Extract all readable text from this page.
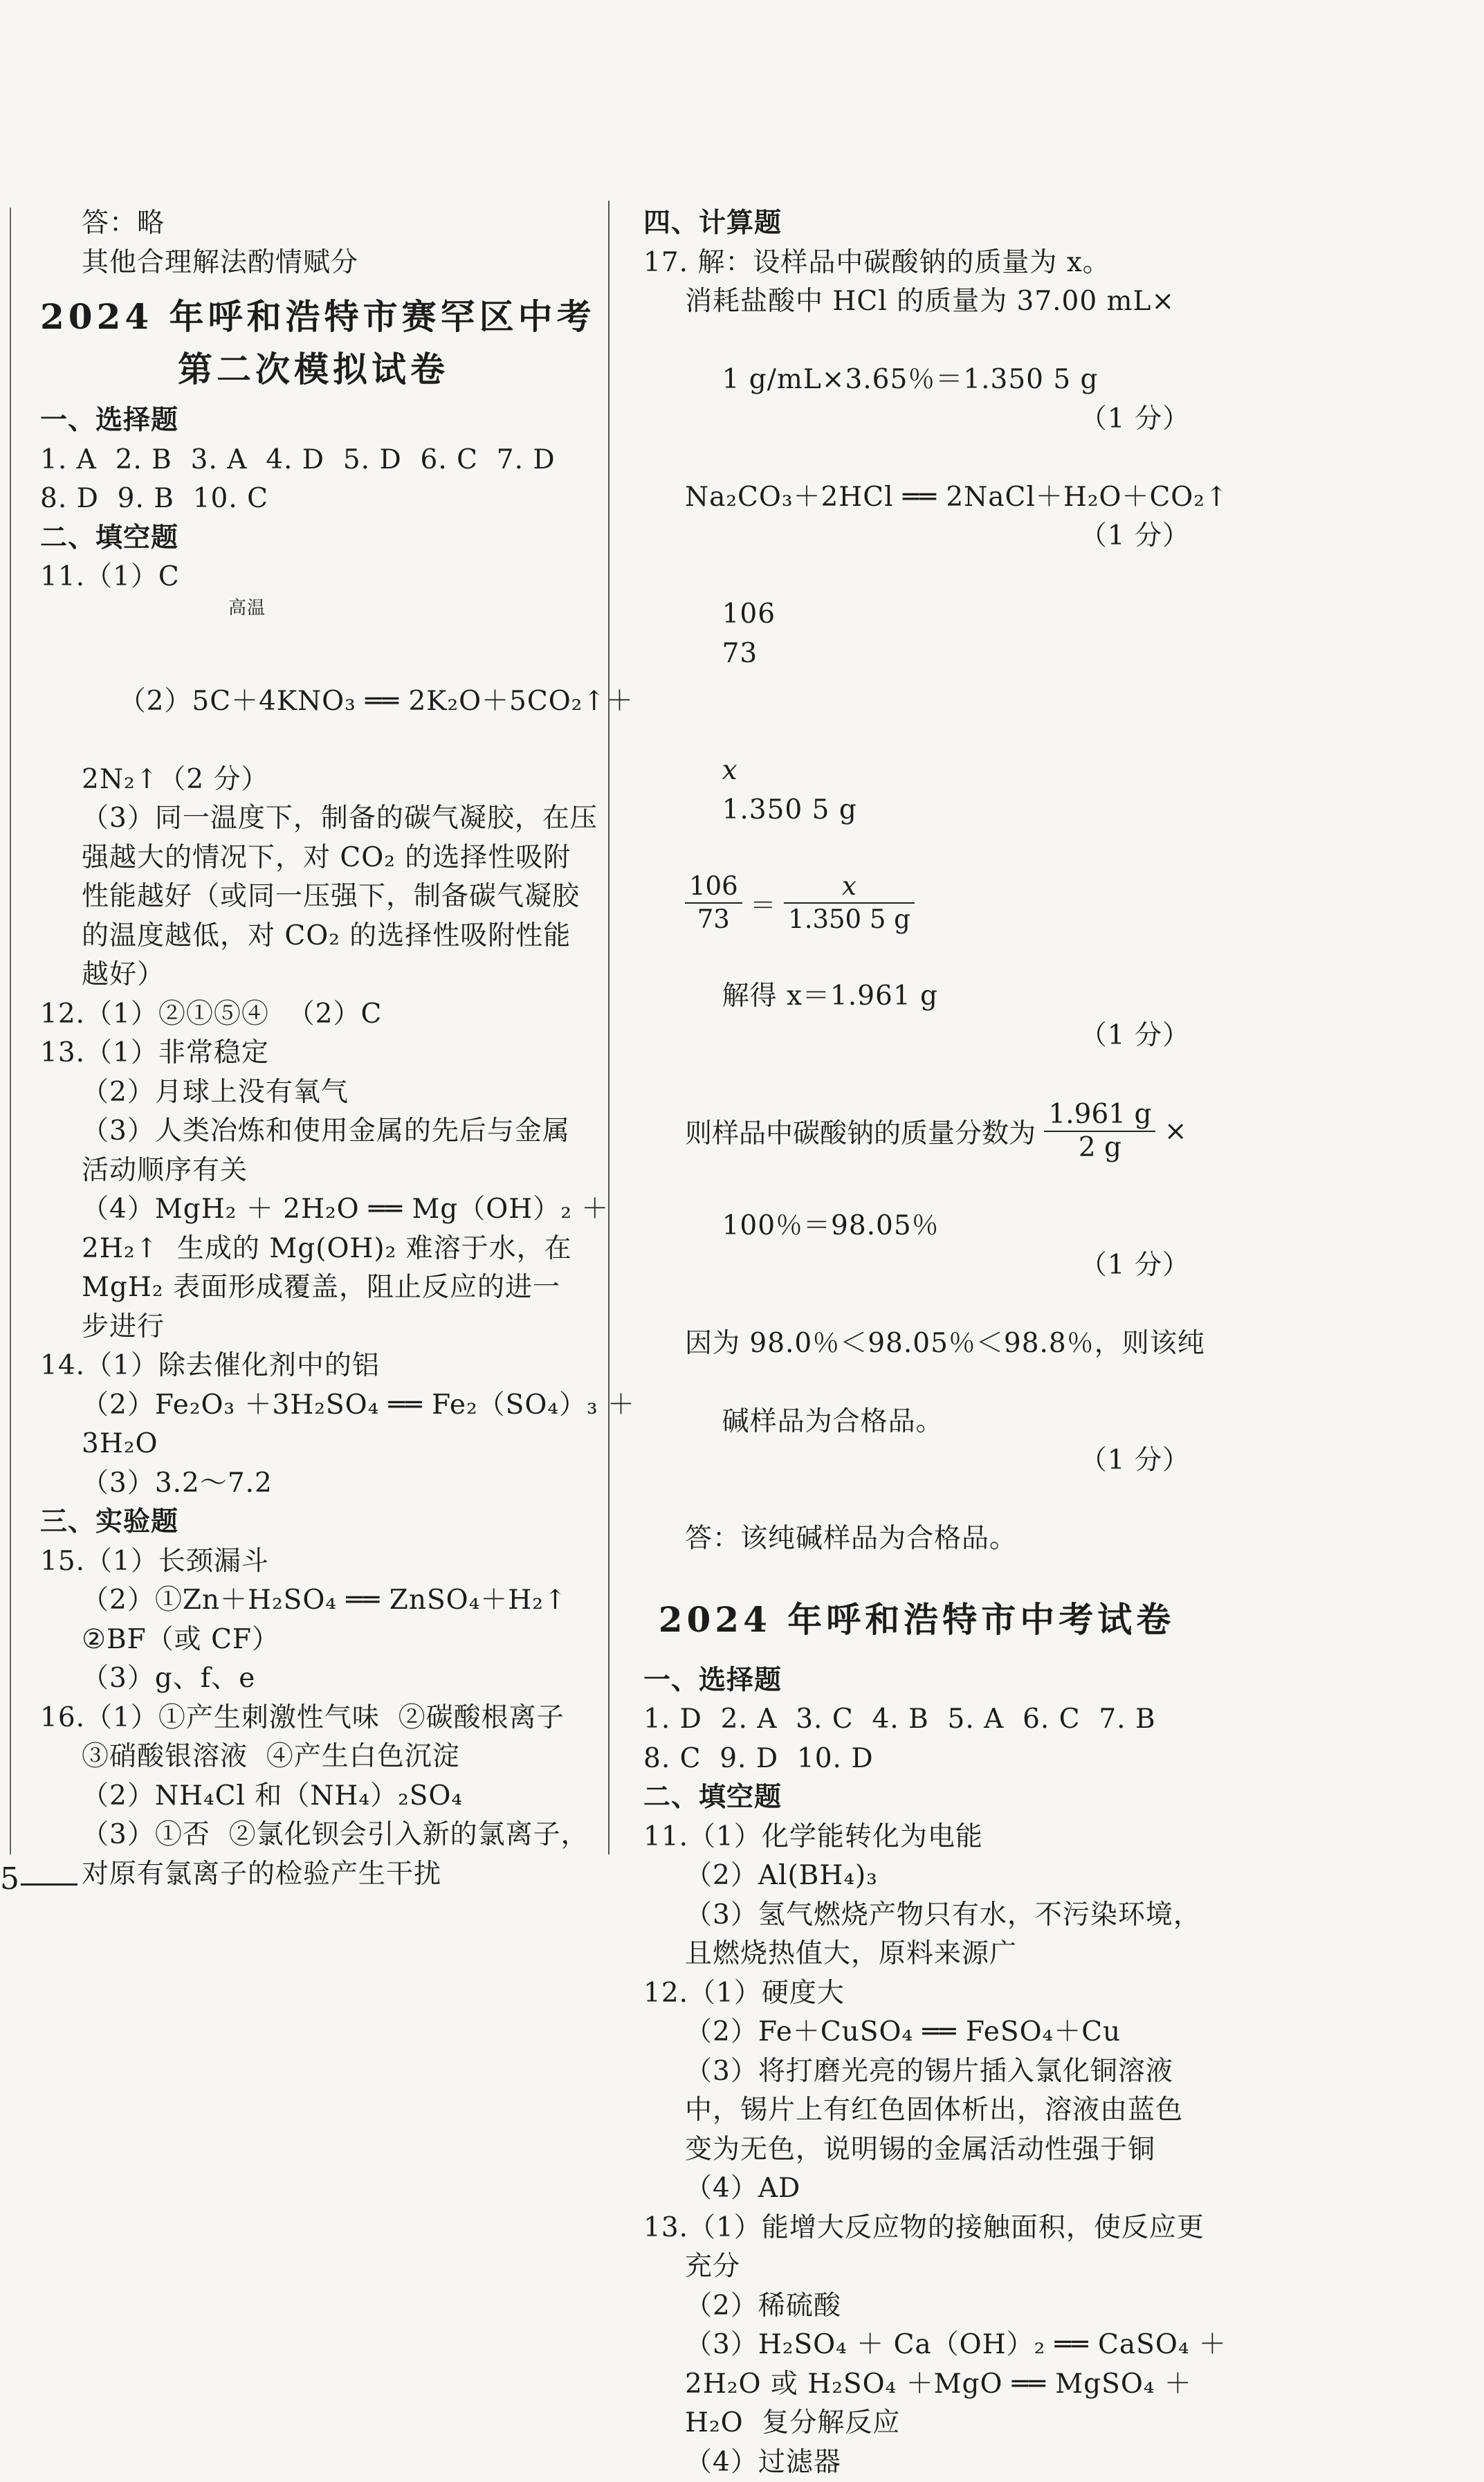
答：略
其他合理解法酌情赋分
2024 年呼和浩特市赛罕区中考
第二次模拟试卷
一、选择题
1. A  2. B  3. A  4. D  5. D  6. C  7. D
8. D  9. B  10. C
二、填空题
11.（1）C

高温

（2）5C＋4KNO₃ ══ 2K₂O＋5CO₂↑＋

2N₂↑（2 分）
（3）同一温度下，制备的碳气凝胶，在压
强越大的情况下，对 CO₂ 的选择性吸附
性能越好（或同一压强下，制备碳气凝胶
的温度越低，对 CO₂ 的选择性吸附性能
越好）
12.（1）②①⑤④  （2）C
13.（1）非常稳定
（2）月球上没有氧气
（3）人类冶炼和使用金属的先后与金属
活动顺序有关
（4）MgH₂ ＋ 2H₂O ══ Mg（OH）₂ ＋
2H₂↑  生成的 Mg(OH)₂ 难溶于水，在
MgH₂ 表面形成覆盖，阻止反应的进一
步进行
14.（1）除去催化剂中的铝
（2）Fe₂O₃ ＋3H₂SO₄ ══ Fe₂（SO₄）₃ ＋
3H₂O
（3）3.2～7.2
三、实验题
15.（1）长颈漏斗
（2）①Zn＋H₂SO₄ ══ ZnSO₄＋H₂↑
②BF（或 CF）
（3）g、f、e
16.（1）①产生刺激性气味  ②碳酸根离子
③硝酸银溶液  ④产生白色沉淀
（2）NH₄Cl 和（NH₄）₂SO₄
（3）①否  ②氯化钡会引入新的氯离子，
对原有氯离子的检验产生干扰
四、计算题
17. 解：设样品中碳酸钠的质量为 x。
消耗盐酸中 HCl 的质量为 37.00 mL×

1 g/mL×3.65％＝1.350 5 g

（1 分）

Na₂CO₃＋2HCl ══ 2NaCl＋H₂O＋CO₂↑
（1 分）

106
73

x
1.350 5 g

$\frac{106}{73} = \frac{x}{1.350 5 g}$

解得 x＝1.961 g

（1 分）

则样品中碳酸钠的质量分数为 $\frac{1.961 g}{2 g}$ ×

100％＝98.05％

（1 分）

因为 98.0％＜98.05％＜98.8％，则该纯

碱样品为合格品。

（1 分）

答：该纯碱样品为合格品。
2024 年呼和浩特市中考试卷
一、选择题
1. D  2. A  3. C  4. B  5. A  6. C  7. B
8. C  9. D  10. D
二、填空题
11.（1）化学能转化为电能
（2）Al(BH₄)₃
（3）氢气燃烧产物只有水，不污染环境，
且燃烧热值大，原料来源广
12.（1）硬度大
（2）Fe＋CuSO₄ ══ FeSO₄＋Cu
（3）将打磨光亮的锡片插入氯化铜溶液
中，锡片上有红色固体析出，溶液由蓝色
变为无色，说明锡的金属活动性强于铜
（4）AD
13.（1）能增大反应物的接触面积，使反应更
充分
（2）稀硫酸
（3）H₂SO₄ ＋ Ca（OH）₂ ══ CaSO₄ ＋
2H₂O 或 H₂SO₄ ＋MgO ══ MgSO₄ ＋
H₂O  复分解反应
（4）过滤器
5
